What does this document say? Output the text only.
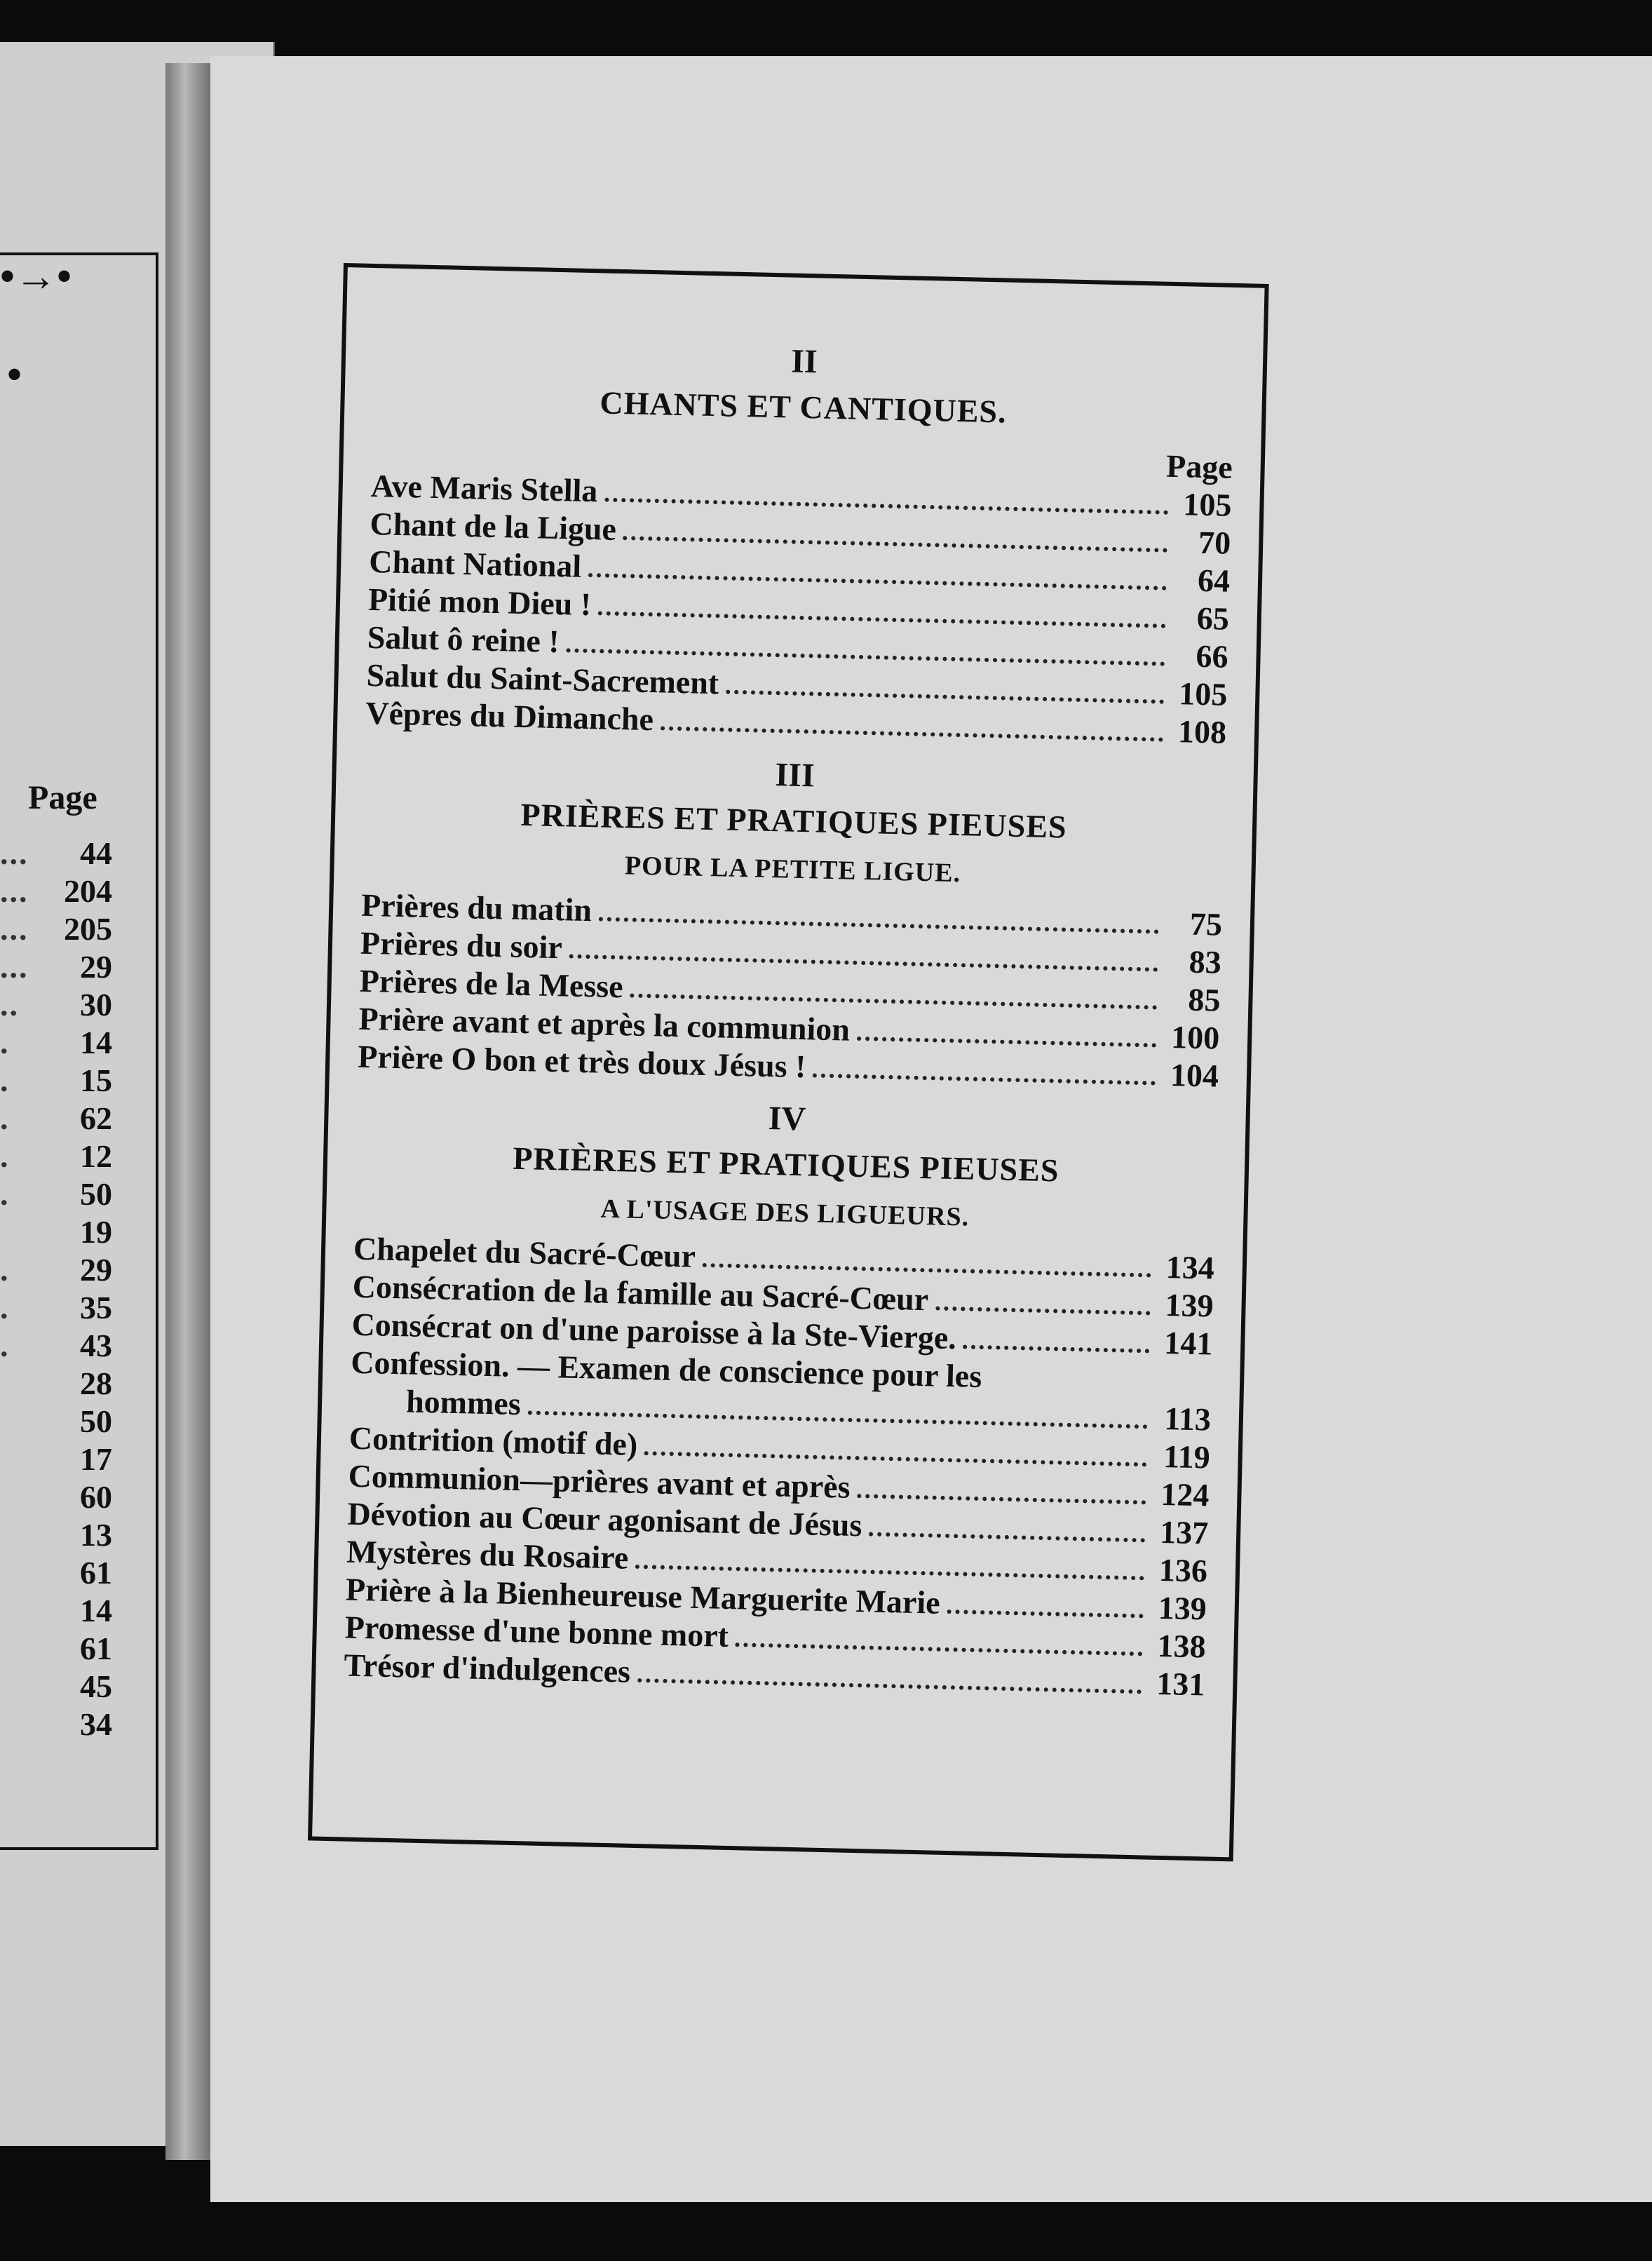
•→•
•
Page
... 44
... 204
... 205
... 29
.. 30
. 14
. 15
. 62
. 12
. 50
19
. 29
. 35
. 43
28
50
17
60
13
61
14
61
45
34
II
CHANTS ET CANTIQUES.
Page
Ave Maris Stella	105
Chant de la Ligue	70
Chant National	64
Pitié mon Dieu !	65
Salut ô reine !	66
Salut du Saint-Sacrement	105
Vêpres du Dimanche	108
III
PRIÈRES ET PRATIQUES PIEUSES
POUR LA PETITE LIGUE.
Prières du matin	75
Prières du soir	83
Prières de la Messe	85
Prière avant et après la communion	100
Prière O bon et très doux Jésus !	104
IV
PRIÈRES ET PRATIQUES PIEUSES
A L'USAGE DES LIGUEURS.
Chapelet du Sacré-Cœur	134
Consécration de la famille au Sacré-Cœur	139
Consécrat on d'une paroisse à la Ste-Vierge.	141
Confession. — Examen de conscience pour les
hommes	113
Contrition (motif de)	119
Communion—prières avant et après	124
Dévotion au Cœur agonisant de Jésus	137
Mystères du Rosaire	136
Prière à la Bienheureuse Marguerite Marie	139
Promesse d'une bonne mort	138
Trésor d'indulgences	131
